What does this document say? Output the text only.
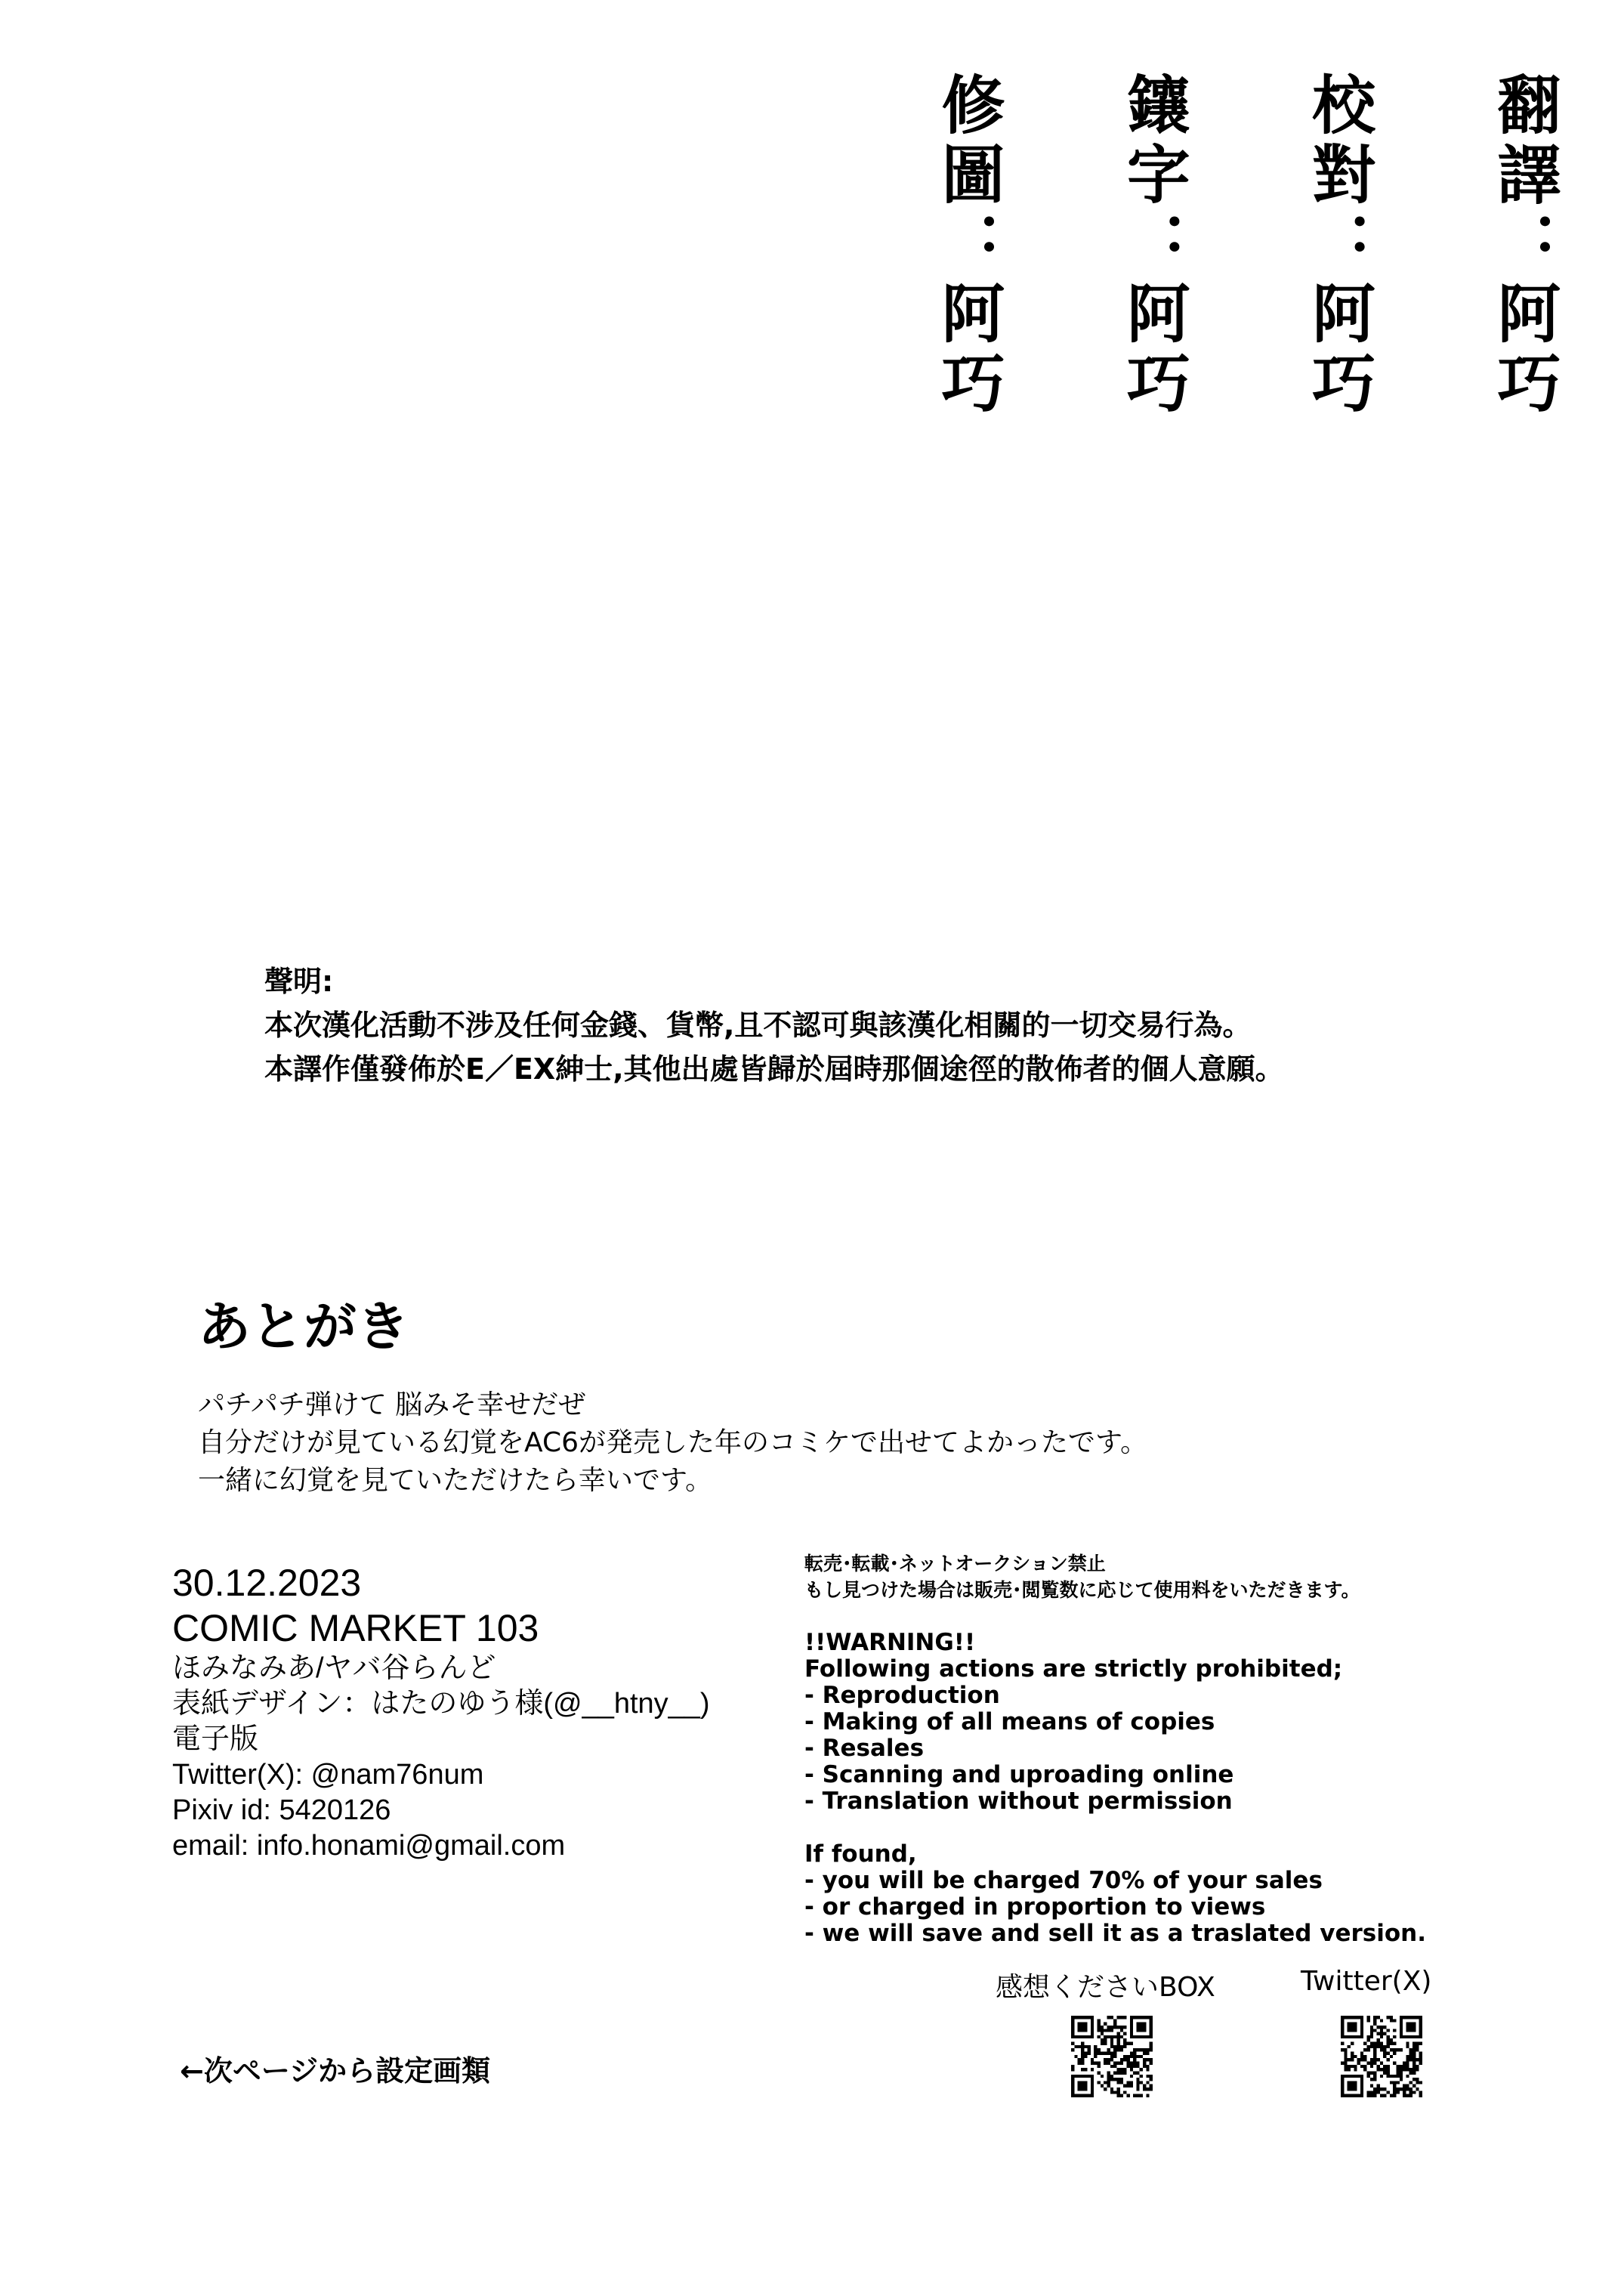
翻譯：阿巧
校對：阿巧
鑲字：阿巧
修圖：阿巧
聲明:
本次漢化活動不涉及任何金錢、貨幣,且不認可與該漢化相關的一切交易行為。
本譯作僅發佈於E／EX紳士,其他出處皆歸於屆時那個途徑的散佈者的個人意願。
あとがき
パチパチ弾けて 脳みそ幸せだぜ
自分だけが見ている幻覚をAC6が発売した年のコミケで出せてよかったです。
一緒に幻覚を見ていただけたら幸いです。
30.12.2023
COMIC MARKET 103
ほみなみあ/ヤバ谷らんど
表紙デザイン：はたのゆう様(@__htny__)
電子版
Twitter(X): @nam76num
Pixiv id: 5420126
email: info.honami@gmail.com
転売･転載･ネットオークション禁止
もし見つけた場合は販売･閲覧数に応じて使用料をいただきます。
!!WARNING!!
Following actions are strictly prohibited;
- Reproduction
- Making of all means of copies
- Resales
- Scanning and uproading online
- Translation without permission
If found,
- you will be charged 70% of your sales
- or charged in proportion to views
- we will save and sell it as a traslated version.
感想くださいBOX	Twitter(X)
←次ページから設定画類
